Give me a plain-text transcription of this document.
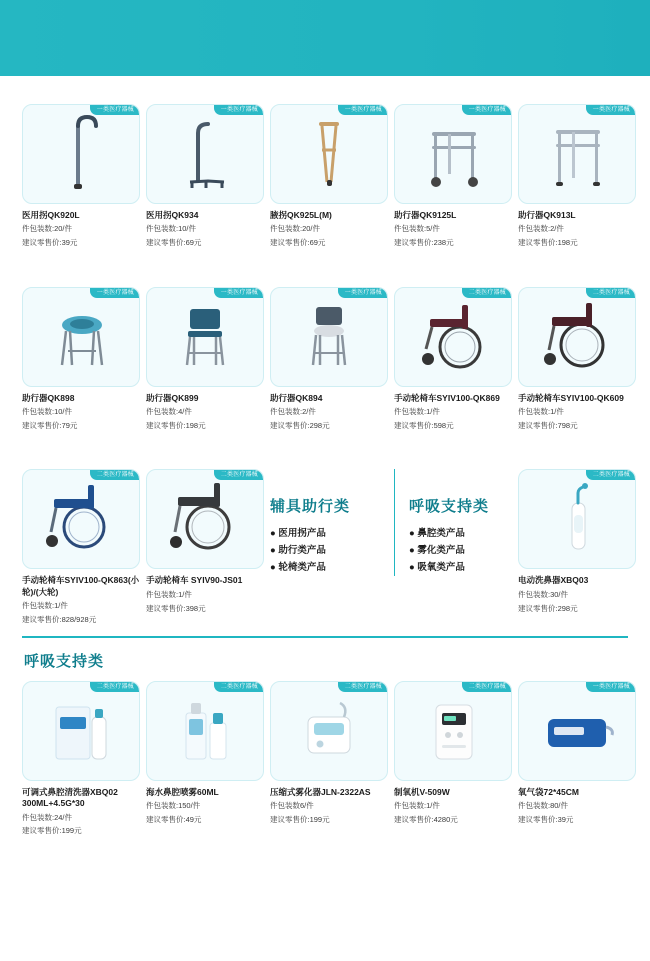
一类医疗器械
医用拐QK920L
件包装数:20/件
建议零售价:39元
一类医疗器械
医用拐QK934
件包装数:10/件
建议零售价:69元
一类医疗器械
腋拐QK925L(M)
件包装数:20/件
建议零售价:69元
一类医疗器械
助行器QK9125L
件包装数:5/件
建议零售价:238元
一类医疗器械
助行器QK913L
件包装数:2/件
建议零售价:198元
一类医疗器械
助行器QK898
件包装数:10/件
建议零售价:79元
一类医疗器械
助行器QK899
件包装数:4/件
建议零售价:198元
一类医疗器械
助行器QK894
件包装数:2/件
建议零售价:298元
二类医疗器械
手动轮椅车SYIV100-QK869
件包装数:1/件
建议零售价:598元
二类医疗器械
手动轮椅车SYIV100-QK609
件包装数:1/件
建议零售价:798元
二类医疗器械
手动轮椅车SYIV100-QK863(小轮)/(大轮)
件包装数:1/件
建议零售价:828/928元
二类医疗器械
手动轮椅车 SYIV90-JS01
件包装数:1/件
建议零售价:398元
辅具助行类
● 医用拐产品
● 助行类产品
● 轮椅类产品
呼吸支持类
● 鼻腔类产品
● 雾化类产品
● 吸氧类产品
二类医疗器械
电动洗鼻器XBQ03
件包装数:30/件
建议零售价:298元
呼吸支持类
二类医疗器械
可调式鼻腔清洗器XBQ02 300ML+4.5G*30
件包装数:24/件
建议零售价:199元
二类医疗器械
海水鼻腔喷雾60ML
件包装数:150/件
建议零售价:49元
二类医疗器械
压缩式雾化器JLN-2322AS
件包装数6/件
建议零售价:199元
二类医疗器械
制氧机V-509W
件包装数:1/件
建议零售价:4280元
一类医疗器械
氧气袋72*45CM
件包装数:80/件
建议零售价:39元
